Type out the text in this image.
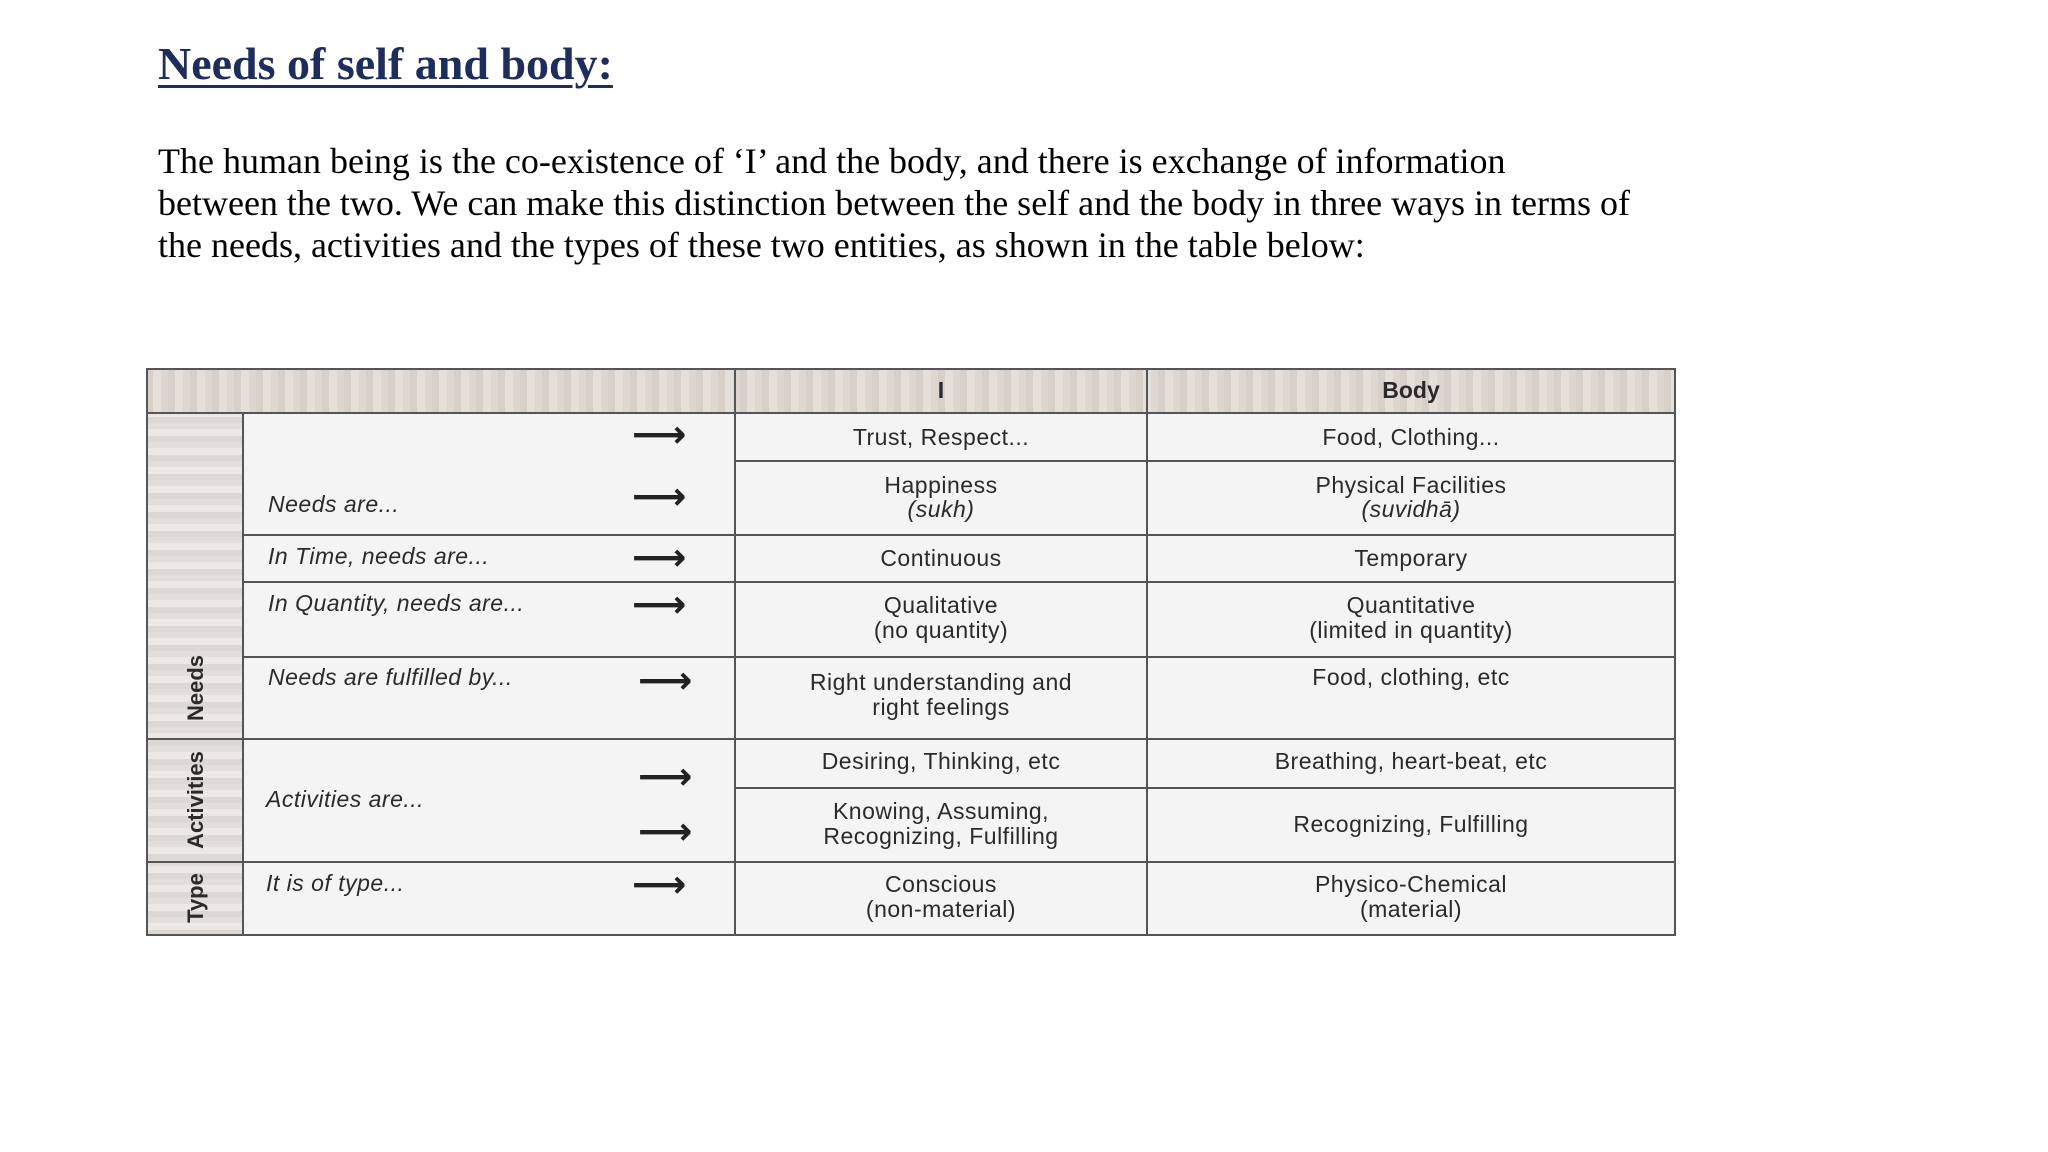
Needs of self and body:

The human being is the co-existence of ‘I’ and the body, and there is exchange of information
between the two. We can make this distinction between the self and the body in three ways in terms of
the needs, activities and the types of these two entities, as shown in the table below:

Needs
Activities
Type
I	Body
Needs are...
In Time, needs are...
In Quantity, needs are...
Needs are fulfilled by...
Activities are...
It is of type...
⟶
⟶
⟶
⟶
⟶
⟶
⟶
⟶
Trust, Respect...
Happiness
(sukh)
Continuous
Qualitative
(no quantity)
Right understanding and
right feelings
Desiring, Thinking, etc
Knowing, Assuming,
Recognizing, Fulfilling
Conscious
(non-material)
Food, Clothing...
Physical Facilities
(suvidhā)
Temporary
Quantitative
(limited in quantity)
Food, clothing, etc
Breathing, heart-beat, etc
Recognizing, Fulfilling
Physico-Chemical
(material)
